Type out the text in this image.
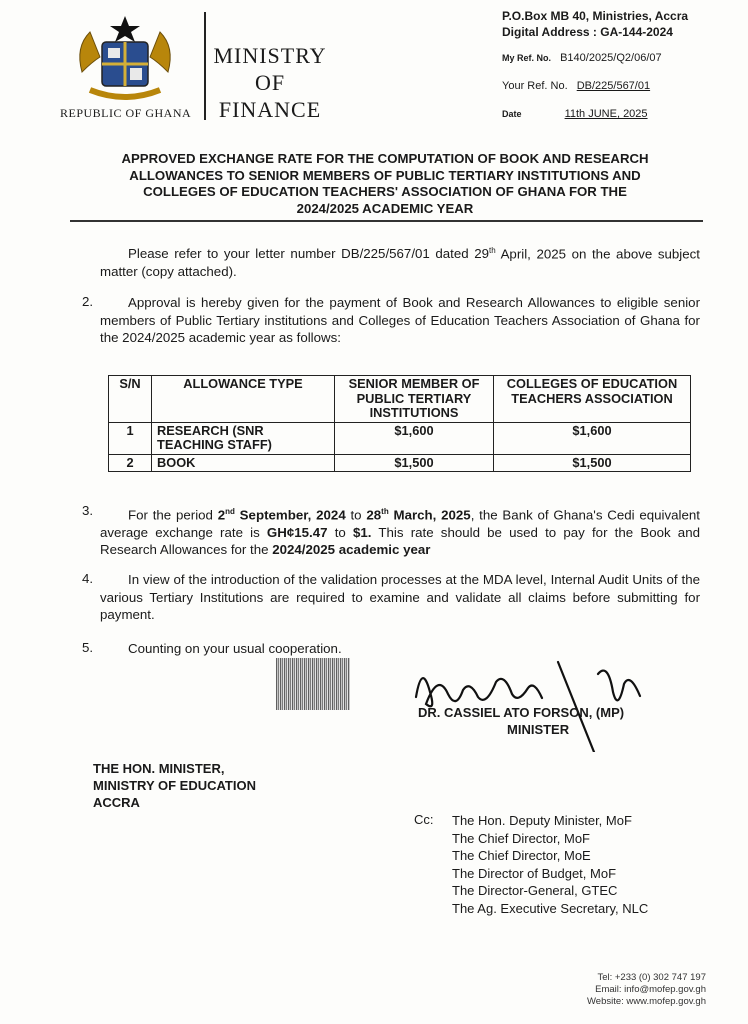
REPUBLIC OF GHANA
MINISTRY
OF
FINANCE
P.O.Box MB 40, Ministries, Accra
Digital Address : GA-144-2024
My Ref. No. B140/2025/Q2/06/07
Your Ref. No. DB/225/567/01
Date	11th JUNE, 2025
APPROVED EXCHANGE RATE FOR THE COMPUTATION OF BOOK AND RESEARCH
ALLOWANCES TO SENIOR MEMBERS OF PUBLIC TERTIARY INSTITUTIONS AND
COLLEGES OF EDUCATION TEACHERS' ASSOCIATION OF GHANA FOR THE
2024/2025 ACADEMIC YEAR
Please refer to your letter number DB/225/567/01 dated 29th April, 2025 on the above subject matter (copy attached).
2.	Approval is hereby given for the payment of Book and Research Allowances to eligible senior members of Public Tertiary institutions and Colleges of Education Teachers Association of Ghana for the 2024/2025 academic year as follows:
S/N	ALLOWANCE TYPE	SENIOR MEMBER OF PUBLIC TERTIARY INSTITUTIONS	COLLEGES OF EDUCATION TEACHERS ASSOCIATION
1	RESEARCH (SNR TEACHING STAFF)	$1,600	$1,600
2	BOOK	$1,500	$1,500
3.	For the period 2nd September, 2024 to 28th March, 2025, the Bank of Ghana's Cedi equivalent average exchange rate is GH¢15.47 to $1. This rate should be used to pay for the Book and Research Allowances for the 2024/2025 academic year
4.	In view of the introduction of the validation processes at the MDA level, Internal Audit Units of the various Tertiary Institutions are required to examine and validate all claims before submitting for payment.
5.	Counting on your usual cooperation.
DR. CASSIEL ATO FORSON, (MP)
MINISTER
THE HON. MINISTER,
MINISTRY OF EDUCATION
ACCRA
Cc: The Hon. Deputy Minister, MoF
The Chief Director, MoF
The Chief Director, MoE
The Director of Budget, MoF
The Director-General, GTEC
The Ag. Executive Secretary, NLC
Tel: +233 (0) 302 747 197
Email: info@mofep.gov.gh
Website: www.mofep.gov.gh
